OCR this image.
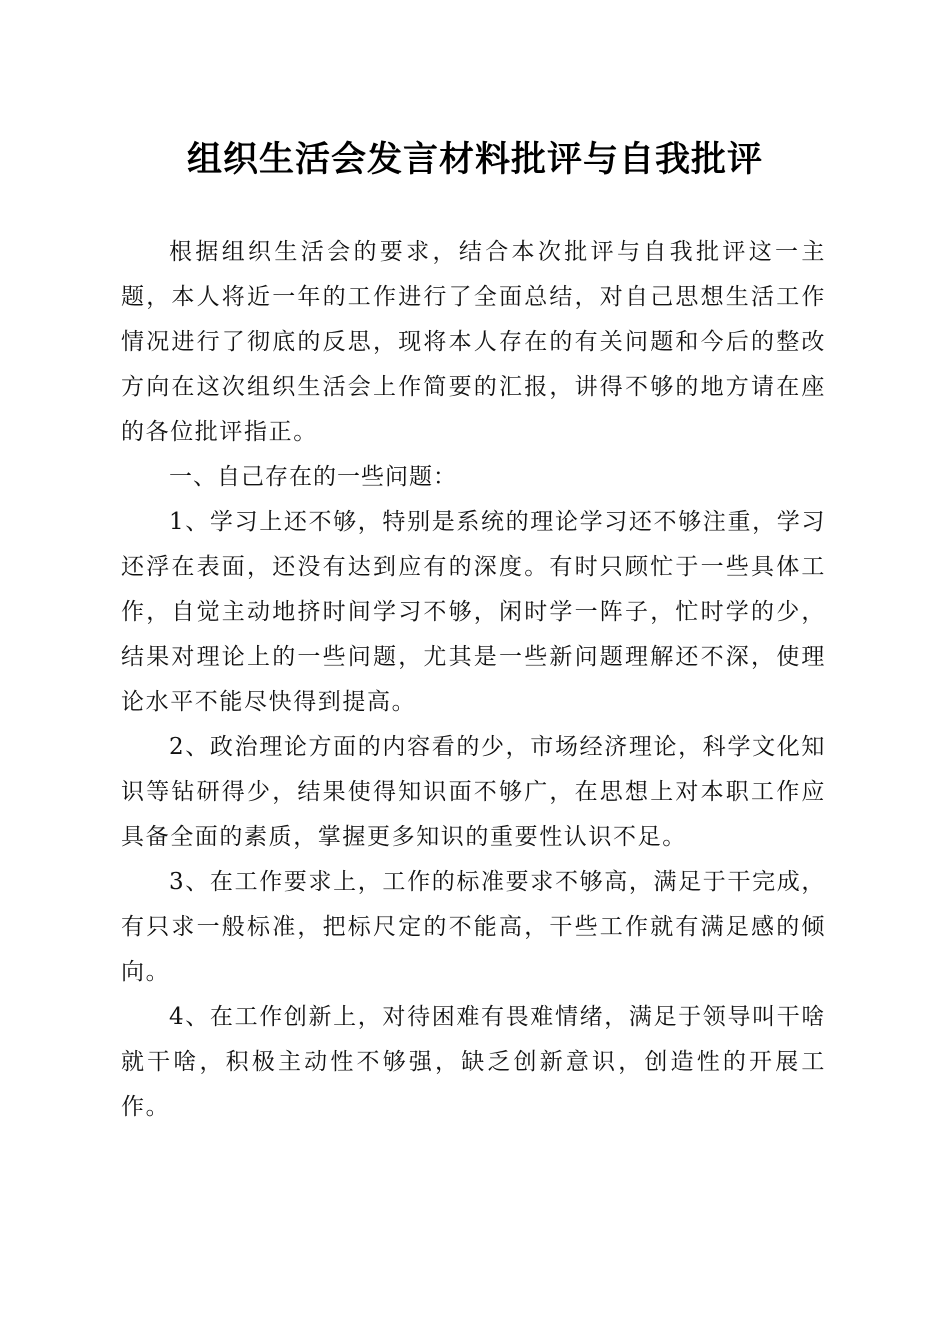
组织生活会发言材料批评与自我批评

根据组织生活会的要求，结合本次批评与自我批评这一主题，本人将近一年的工作进行了全面总结，对自己思想生活工作情况进行了彻底的反思，现将本人存在的有关问题和今后的整改方向在这次组织生活会上作简要的汇报，讲得不够的地方请在座的各位批评指正。

一、自己存在的一些问题：

1、学习上还不够，特别是系统的理论学习还不够注重，学习还浮在表面，还没有达到应有的深度。有时只顾忙于一些具体工作，自觉主动地挤时间学习不够，闲时学一阵子，忙时学的少，结果对理论上的一些问题，尤其是一些新问题理解还不深，使理论水平不能尽快得到提高。

2、政治理论方面的内容看的少，市场经济理论，科学文化知识等钻研得少，结果使得知识面不够广，在思想上对本职工作应具备全面的素质，掌握更多知识的重要性认识不足。

3、在工作要求上，工作的标准要求不够高，满足于干完成，有只求一般标准，把标尺定的不能高，干些工作就有满足感的倾向。

4、在工作创新上，对待困难有畏难情绪，满足于领导叫干啥就干啥，积极主动性不够强，缺乏创新意识，创造性的开展工作。
